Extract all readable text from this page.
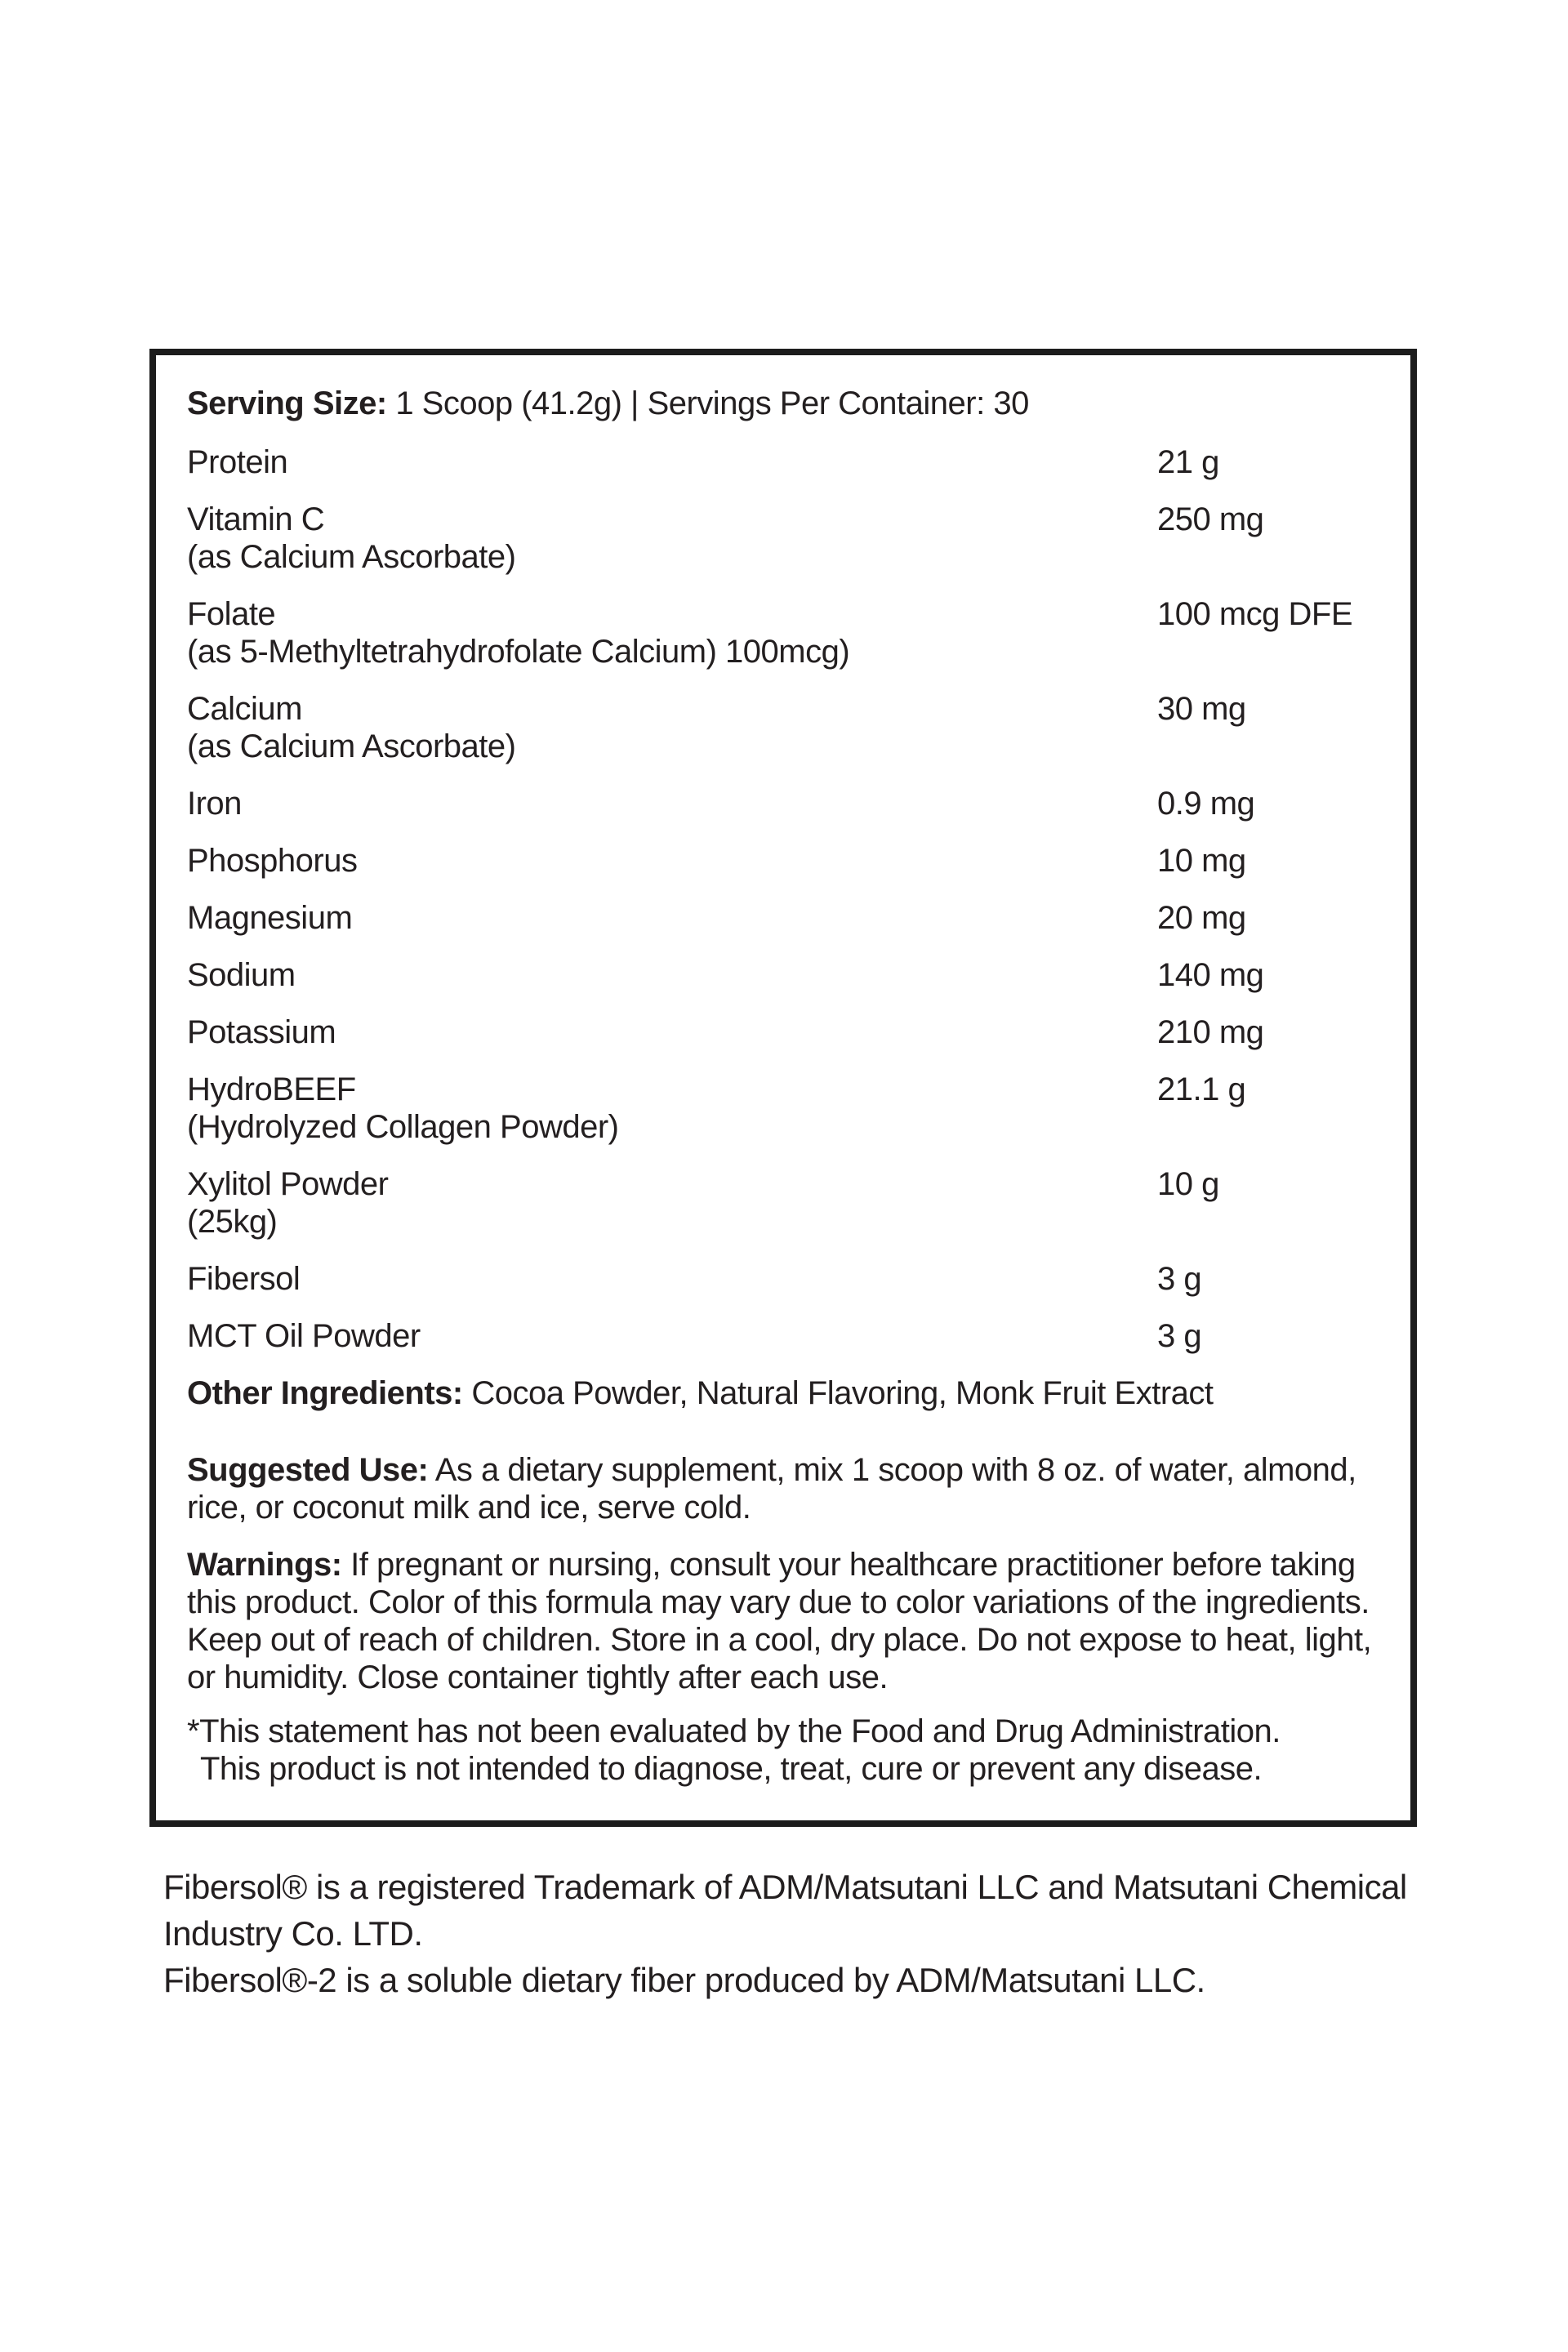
Serving Size: 1 Scoop (41.2g) | Servings Per Container: 30
Protein	21 g
Vitamin C	250 mg
(as Calcium Ascorbate)
Folate	100 mcg DFE
(as 5-Methyltetrahydrofolate Calcium) 100mcg)
Calcium	30 mg
(as Calcium Ascorbate)
Iron	0.9 mg
Phosphorus	10 mg
Magnesium	20 mg
Sodium	140 mg
Potassium	210 mg
HydroBEEF	21.1 g
(Hydrolyzed Collagen Powder)
Xylitol Powder	10 g
(25kg)
Fibersol	3 g
MCT Oil Powder	3 g

Other Ingredients: Cocoa Powder, Natural Flavoring, Monk Fruit Extract

Suggested Use: As a dietary supplement, mix 1 scoop with 8 oz. of water, almond, rice, or coconut milk and ice, serve cold.

Warnings: If pregnant or nursing, consult your healthcare practitioner before taking this product. Color of this formula may vary due to color variations of the ingredients. Keep out of reach of children. Store in a cool, dry place. Do not expose to heat, light, or humidity. Close container tightly after each use.

*This statement has not been evaluated by the Food and Drug Administration.
This product is not intended to diagnose, treat, cure or prevent any disease.

Fibersol® is a registered Trademark of ADM/Matsutani LLC and Matsutani Chemical Industry Co. LTD.

Fibersol®-2 is a soluble dietary fiber produced by ADM/Matsutani LLC.
